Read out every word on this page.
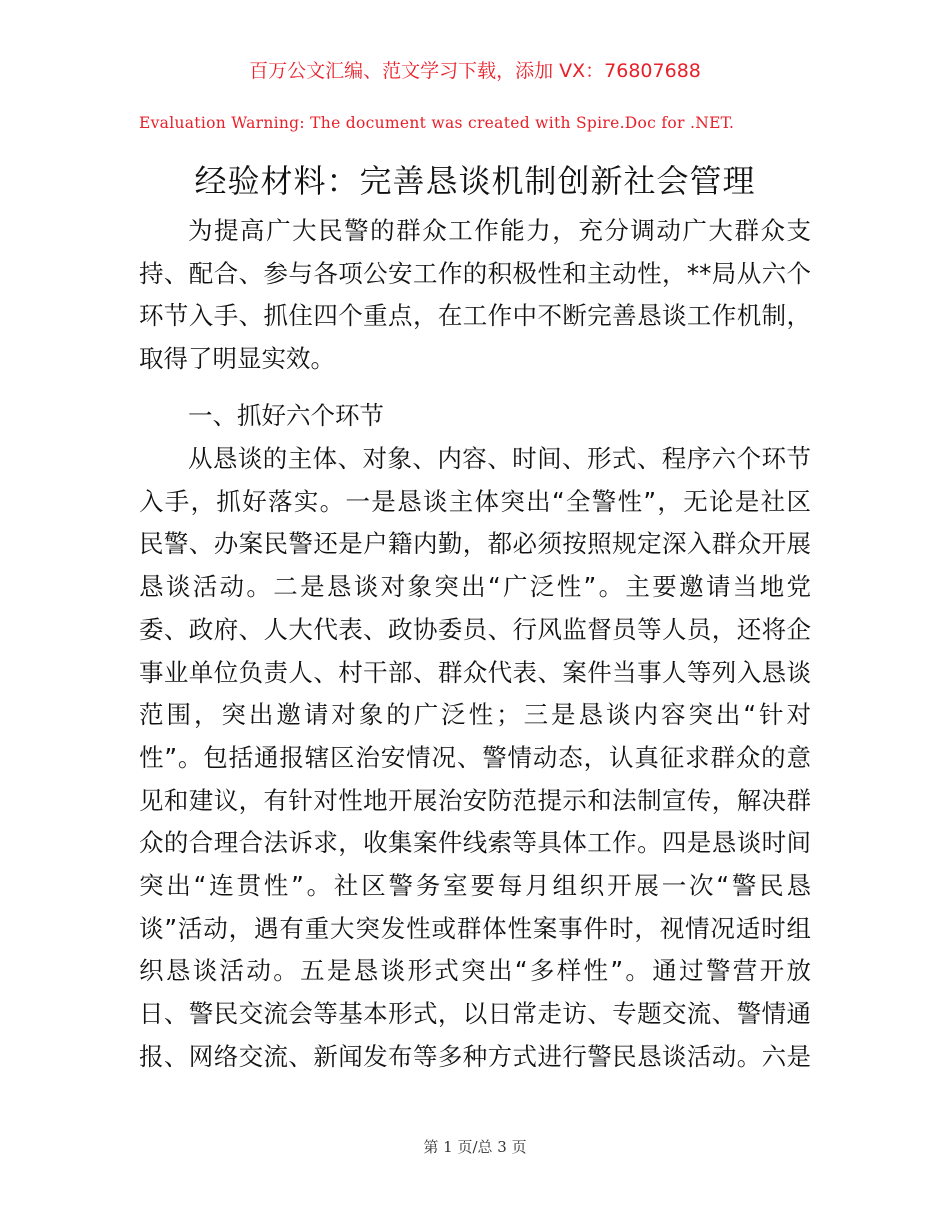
百万公文汇编、范文学习下载，添加 VX：76807688
Evaluation Warning: The document was created with Spire.Doc for .NET.
经验材料：完善恳谈机制创新社会管理
为提高广大民警的群众工作能力，充分调动广大群众支
持、配合、参与各项公安工作的积极性和主动性，**局从六个
环节入手、抓住四个重点，在工作中不断完善恳谈工作机制，
取得了明显实效。
一、抓好六个环节
从恳谈的主体、对象、内容、时间、形式、程序六个环节
入手，抓好落实。一是恳谈主体突出“全警性”，无论是社区
民警、办案民警还是户籍内勤，都必须按照规定深入群众开展
恳谈活动。二是恳谈对象突出“广泛性”。主要邀请当地党
委、政府、人大代表、政协委员、行风监督员等人员，还将企
事业单位负责人、村干部、群众代表、案件当事人等列入恳谈
范围，突出邀请对象的广泛性；三是恳谈内容突出“针对
性”。包括通报辖区治安情况、警情动态，认真征求群众的意
见和建议，有针对性地开展治安防范提示和法制宣传，解决群
众的合理合法诉求，收集案件线索等具体工作。四是恳谈时间
突出“连贯性”。社区警务室要每月组织开展一次“警民恳
谈”活动，遇有重大突发性或群体性案事件时，视情况适时组
织恳谈活动。五是恳谈形式突出“多样性”。通过警营开放
日、警民交流会等基本形式，以日常走访、专题交流、警情通
报、网络交流、新闻发布等多种方式进行警民恳谈活动。六是
第 1 页/总 3 页
